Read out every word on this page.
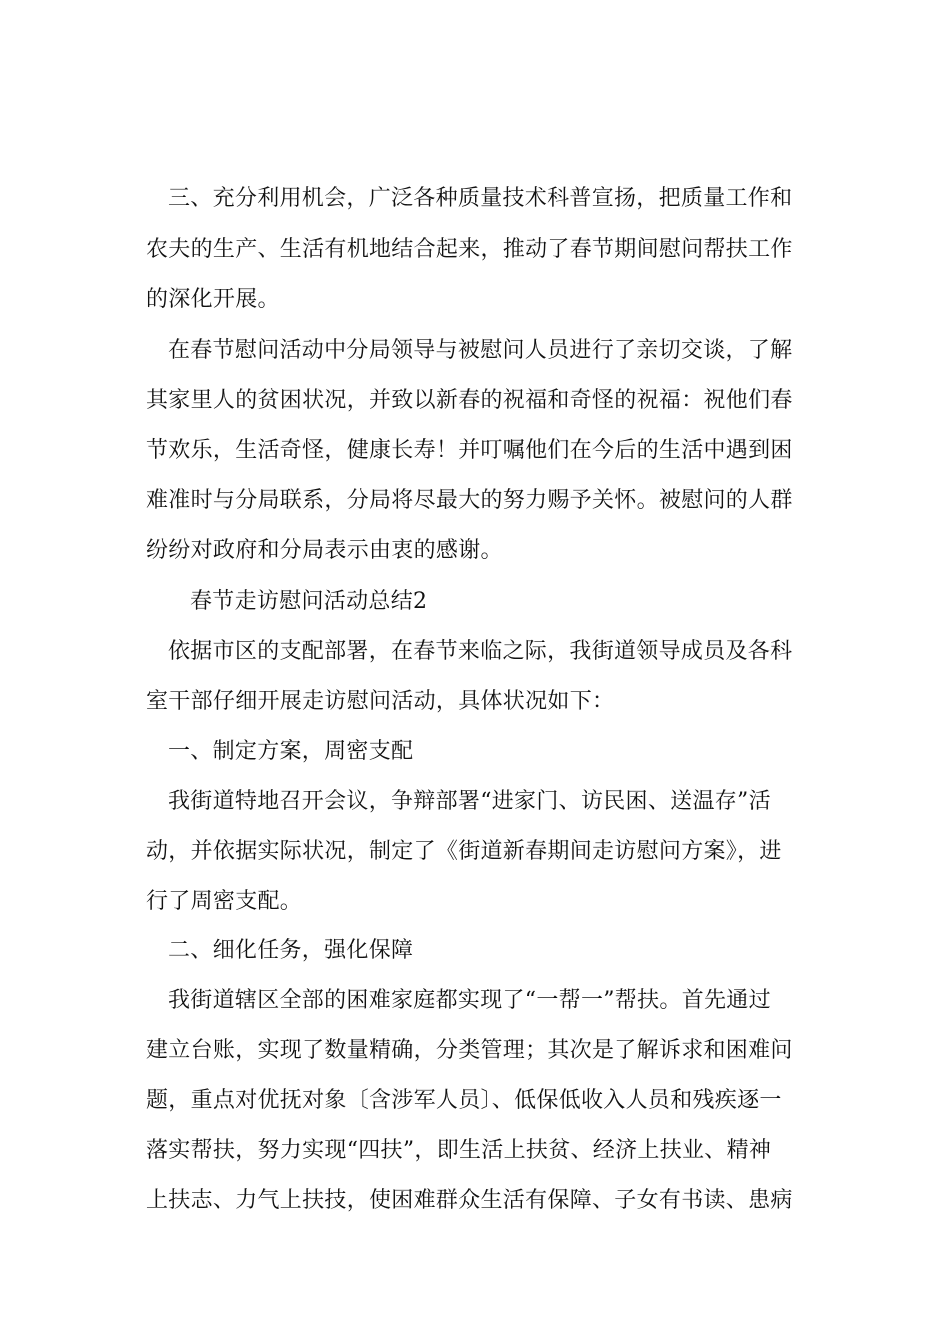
三、充分利用机会，广泛各种质量技术科普宣扬，把质量工作和
农夫的生产、生活有机地结合起来，推动了春节期间慰问帮扶工作
的深化开展。
在春节慰问活动中分局领导与被慰问人员进行了亲切交谈，了解
其家里人的贫困状况，并致以新春的祝福和奇怪的祝福：祝他们春
节欢乐，生活奇怪，健康长寿！并叮嘱他们在今后的生活中遇到困
难准时与分局联系，分局将尽最大的努力赐予关怀。被慰问的人群
纷纷对政府和分局表示由衷的感谢。
春节走访慰问活动总结2
依据市区的支配部署，在春节来临之际，我街道领导成员及各科
室干部仔细开展走访慰问活动，具体状况如下：
一、制定方案，周密支配
我街道特地召开会议，争辩部署“进家门、访民困、送温存”活
动，并依据实际状况，制定了《街道新春期间走访慰问方案》，进
行了周密支配。
二、细化任务，强化保障
我街道辖区全部的困难家庭都实现了“一帮一”帮扶。首先通过
建立台账，实现了数量精确，分类管理；其次是了解诉求和困难问
题，重点对优抚对象〔含涉军人员〕、低保低收入人员和残疾逐一
落实帮扶，努力实现“四扶”，即生活上扶贫、经济上扶业、精神
上扶志、力气上扶技，使困难群众生活有保障、子女有书读、患病
